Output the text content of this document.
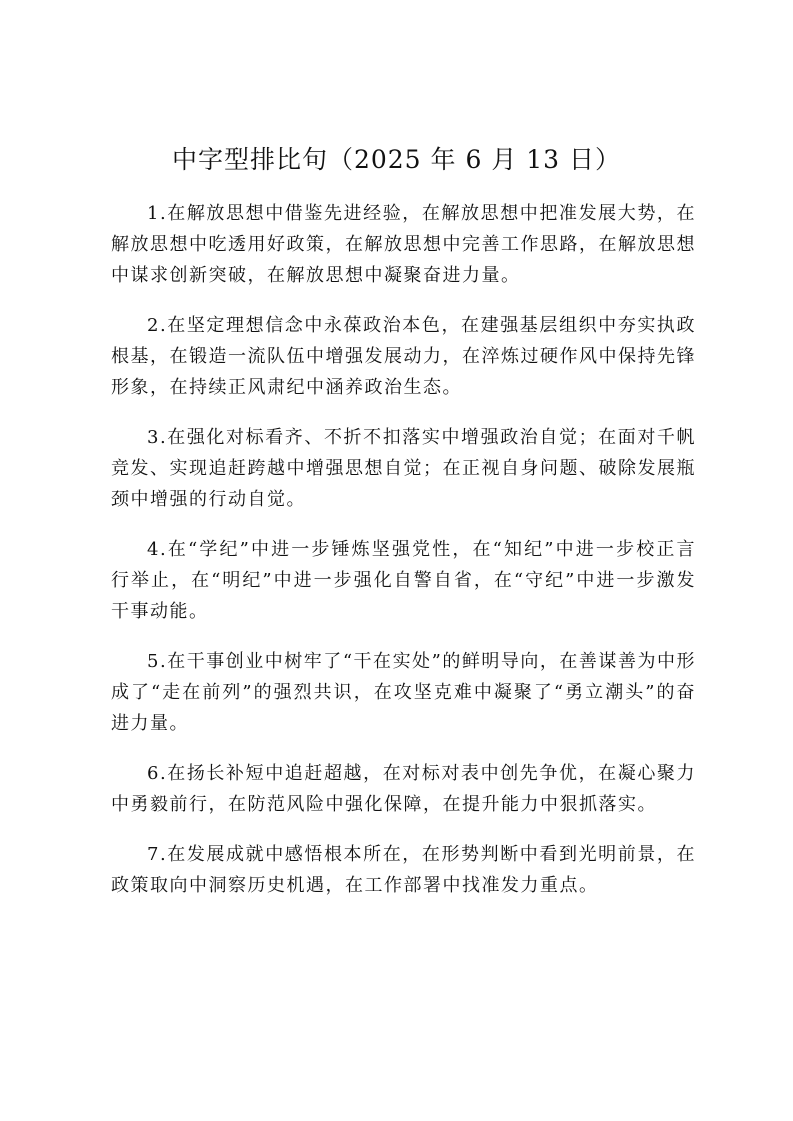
中字型排比句（2025 年 6 月 13 日）

1.在解放思想中借鉴先进经验，在解放思想中把准发展大势，在解放思想中吃透用好政策，在解放思想中完善工作思路，在解放思想中谋求创新突破，在解放思想中凝聚奋进力量。

2.在坚定理想信念中永葆政治本色，在建强基层组织中夯实执政根基，在锻造一流队伍中增强发展动力，在淬炼过硬作风中保持先锋形象，在持续正风肃纪中涵养政治生态。

3.在强化对标看齐、不折不扣落实中增强政治自觉；在面对千帆竞发、实现追赶跨越中增强思想自觉；在正视自身问题、破除发展瓶颈中增强的行动自觉。

4.在“学纪”中进一步锤炼坚强党性，在“知纪”中进一步校正言行举止，在“明纪”中进一步强化自警自省，在“守纪”中进一步激发干事动能。

5.在干事创业中树牢了“干在实处”的鲜明导向，在善谋善为中形成了“走在前列”的强烈共识，在攻坚克难中凝聚了“勇立潮头”的奋进力量。

6.在扬长补短中追赶超越，在对标对表中创先争优，在凝心聚力中勇毅前行，在防范风险中强化保障，在提升能力中狠抓落实。

7.在发展成就中感悟根本所在，在形势判断中看到光明前景，在政策取向中洞察历史机遇，在工作部署中找准发力重点。
